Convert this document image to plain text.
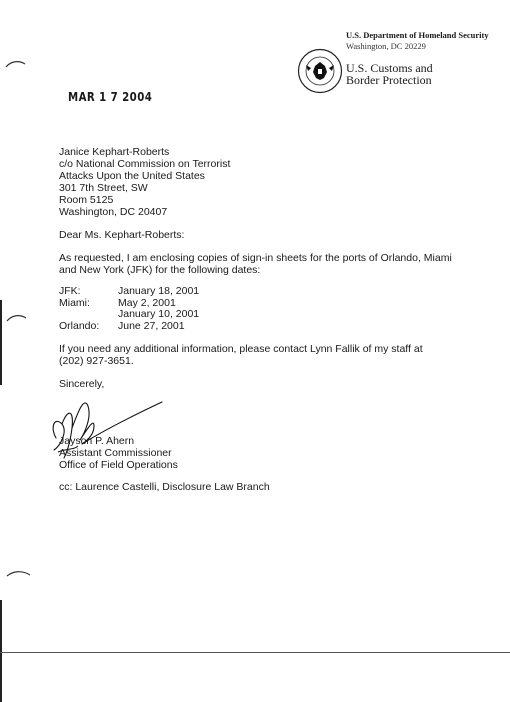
U.S. Department of Homeland Security
Washington, DC 20229
U.S. Customs and
Border Protection
MAR 1 7 2004
Janice Kephart-Roberts
c/o National Commission on Terrorist
Attacks Upon the United States
301 7th Street, SW
Room 5125
Washington, DC 20407
Dear Ms. Kephart-Roberts:
As requested, I am enclosing copies of sign-in sheets for the ports of Orlando, Miami
and New York (JFK) for the following dates:
JFK:	January 18, 2001
Miami:	May 2, 2001
January 10, 2001
Orlando: June 27, 2001
If you need any additional information, please contact Lynn Fallik of my staff at
(202) 927-3651.
Sincerely,
Jayson P. Ahern
Assistant Commissioner
Office of Field Operations
cc: Laurence Castelli, Disclosure Law Branch
